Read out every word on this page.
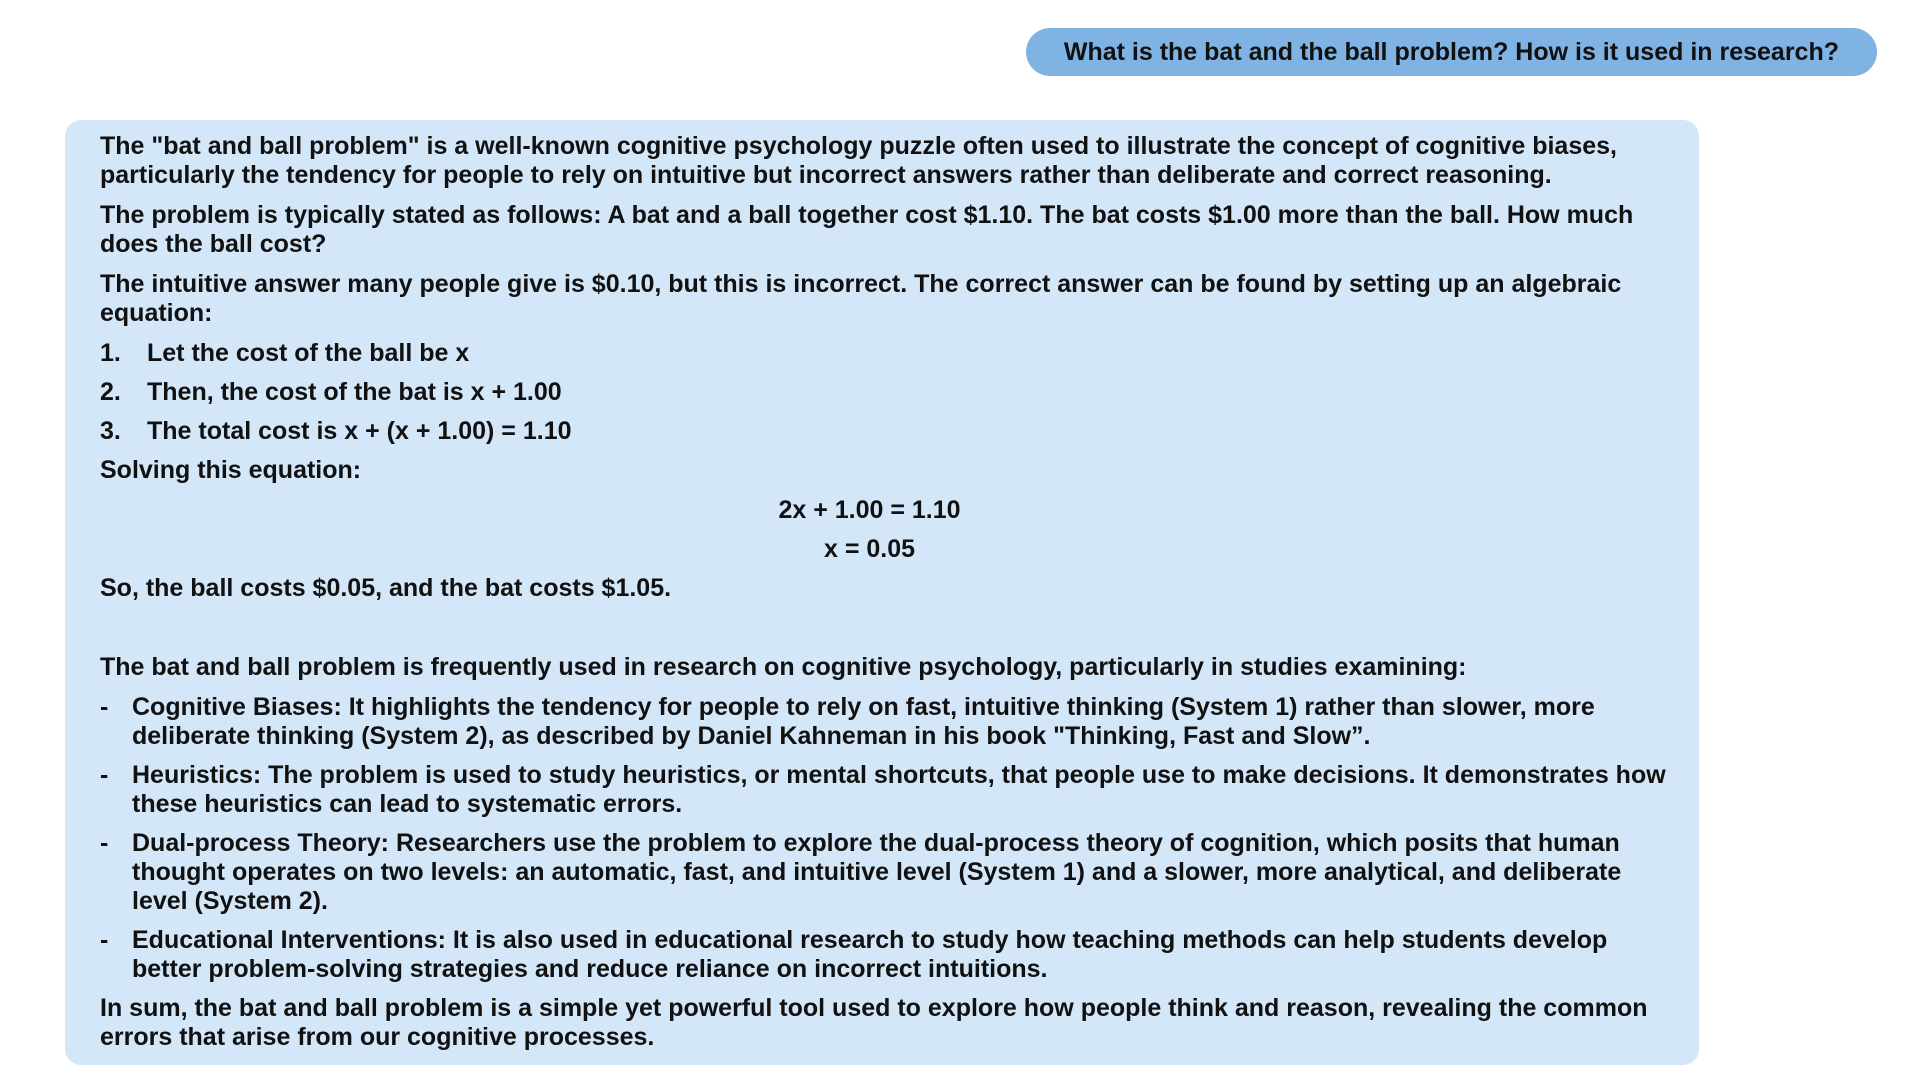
What is the bat and the ball problem? How is it used in research?

The "bat and ball problem" is a well-known cognitive psychology puzzle often used to illustrate the concept of cognitive biases, particularly the tendency for people to rely on intuitive but incorrect answers rather than deliberate and correct reasoning.

The problem is typically stated as follows: A bat and a ball together cost $1.10. The bat costs $1.00 more than the ball. How much does the ball cost?

The intuitive answer many people give is $0.10, but this is incorrect. The correct answer can be found by setting up an algebraic equation:

1.	Let the cost of the ball be x
2.	Then, the cost of the bat is x + 1.00
3.	The total cost is x + (x + 1.00) = 1.10

Solving this equation:

2x + 1.00 = 1.10
x = 0.05

So, the ball costs $0.05, and the bat costs $1.05.

The bat and ball problem is frequently used in research on cognitive psychology, particularly in studies examining:

- Cognitive Biases: It highlights the tendency for people to rely on fast, intuitive thinking (System 1) rather than slower, more deliberate thinking (System 2), as described by Daniel Kahneman in his book "Thinking, Fast and Slow”.
- Heuristics: The problem is used to study heuristics, or mental shortcuts, that people use to make decisions. It demonstrates how these heuristics can lead to systematic errors.
- Dual-process Theory: Researchers use the problem to explore the dual-process theory of cognition, which posits that human thought operates on two levels: an automatic, fast, and intuitive level (System 1) and a slower, more analytical, and deliberate level (System 2).
- Educational Interventions: It is also used in educational research to study how teaching methods can help students develop better problem-solving strategies and reduce reliance on incorrect intuitions.

In sum, the bat and ball problem is a simple yet powerful tool used to explore how people think and reason, revealing the common errors that arise from our cognitive processes.
